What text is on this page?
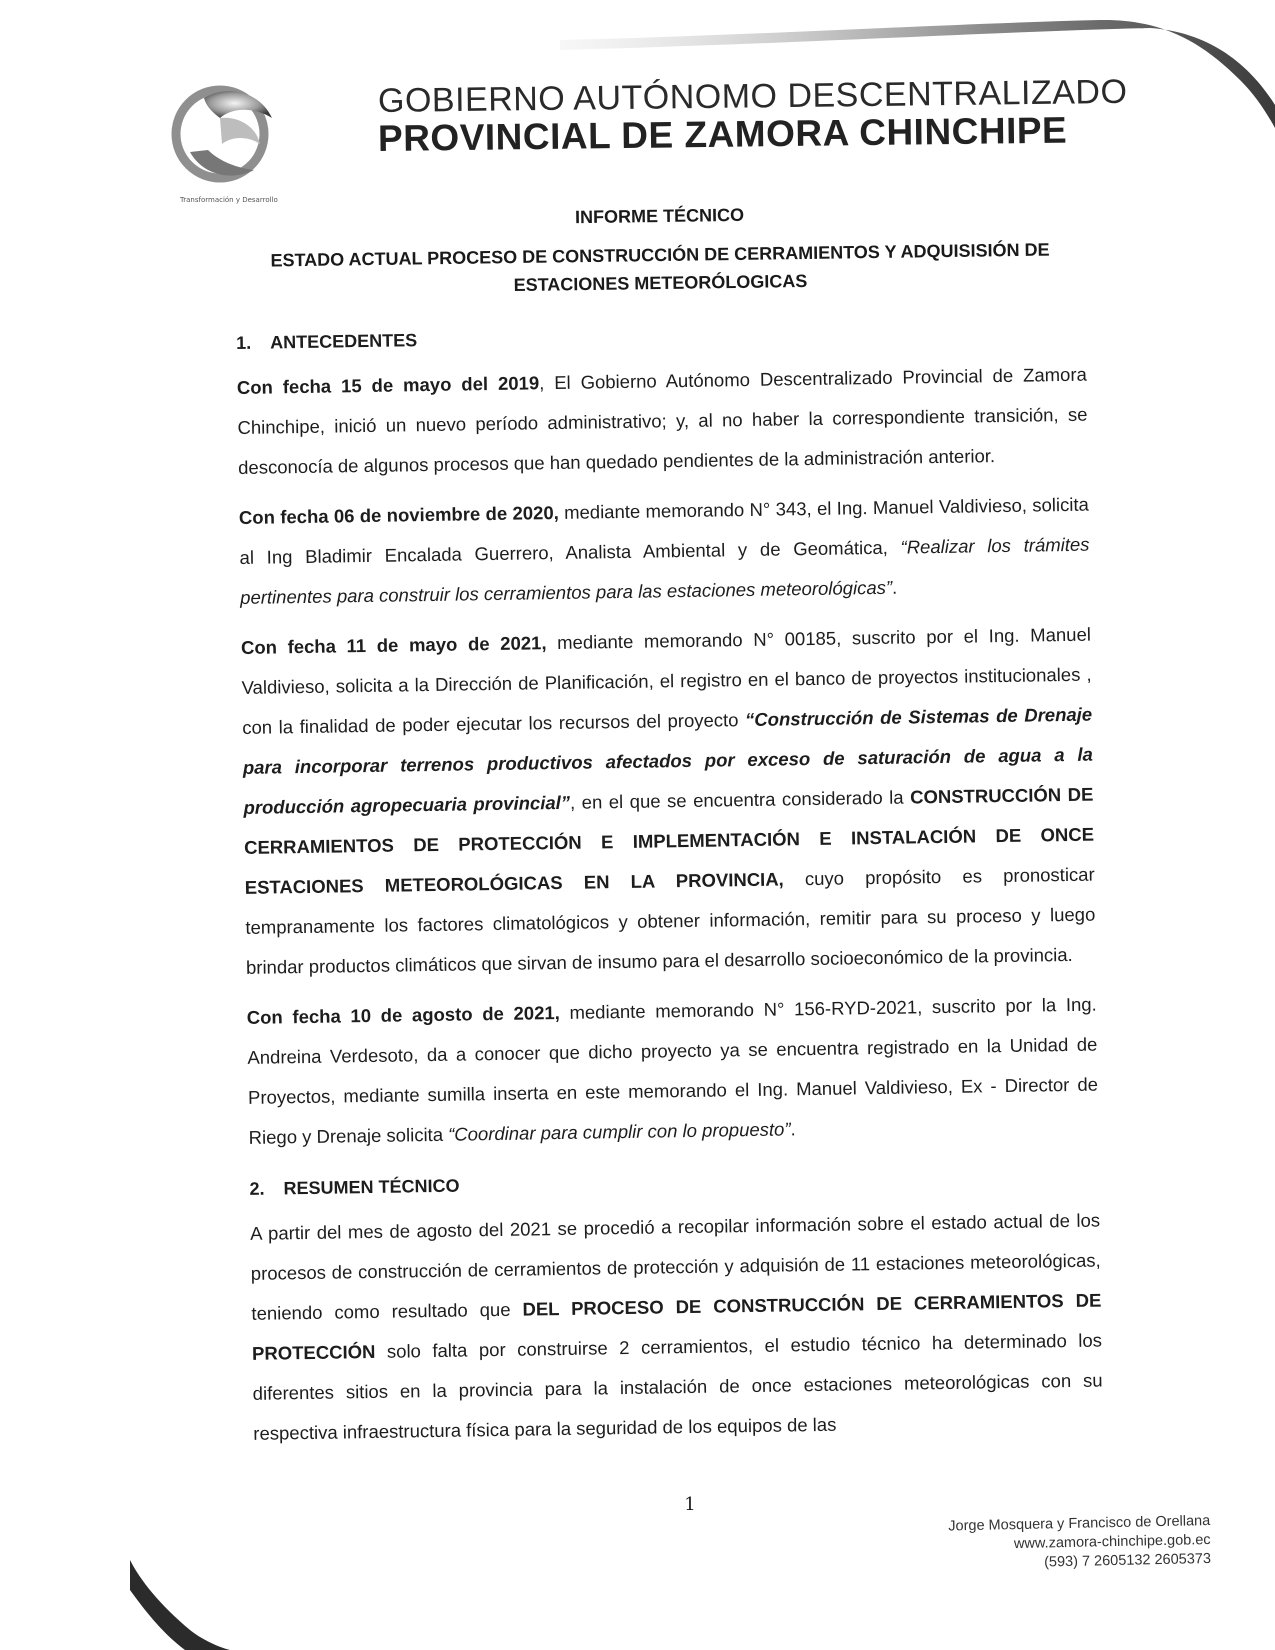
Transformación y Desarrollo
GOBIERNO AUTÓNOMO DESCENTRALIZADO
PROVINCIAL DE ZAMORA CHINCHIPE

INFORME TÉCNICO

ESTADO ACTUAL PROCESO DE CONSTRUCCIÓN DE CERRAMIENTOS Y ADQUISISIÓN DE
ESTACIONES METEORÓLOGICAS

1. ANTECEDENTES

Con fecha 15 de mayo del 2019, El Gobierno Autónomo Descentralizado Provincial de Zamora Chinchipe, inició un nuevo período administrativo; y, al no haber la correspondiente transición, se desconocía de algunos procesos que han quedado pendientes de la administración anterior.

Con fecha 06 de noviembre de 2020, mediante memorando N° 343, el Ing. Manuel Valdivieso, solicita al Ing Bladimir Encalada Guerrero, Analista Ambiental y de Geomática, “Realizar los trámites pertinentes para construir los cerramientos para las estaciones meteorológicas”.

Con fecha 11 de mayo de 2021, mediante memorando N° 00185, suscrito por el Ing. Manuel Valdivieso, solicita a la Dirección de Planificación, el registro en el banco de proyectos institucionales , con la finalidad de poder ejecutar los recursos del proyecto “Construcción de Sistemas de Drenaje para incorporar terrenos productivos afectados por exceso de saturación de agua a la producción agropecuaria provincial”, en el que se encuentra considerado la CONSTRUCCIÓN DE CERRAMIENTOS DE PROTECCIÓN E IMPLEMENTACIÓN E INSTALACIÓN DE ONCE ESTACIONES METEOROLÓGICAS EN LA PROVINCIA, cuyo propósito es pronosticar tempranamente los factores climatológicos y obtener información, remitir para su proceso y luego brindar productos climáticos que sirvan de insumo para el desarrollo socioeconómico de la provincia.

Con fecha 10 de agosto de 2021, mediante memorando N° 156-RYD-2021, suscrito por la Ing. Andreina Verdesoto, da a conocer que dicho proyecto ya se encuentra registrado en la Unidad de Proyectos, mediante sumilla inserta en este memorando el Ing. Manuel Valdivieso, Ex - Director de Riego y Drenaje solicita “Coordinar para cumplir con lo propuesto”.

2. RESUMEN TÉCNICO

A partir del mes de agosto del 2021 se procedió a recopilar información sobre el estado actual de los procesos de construcción de cerramientos de protección y adquisión de 11 estaciones meteorológicas, teniendo como resultado que DEL PROCESO DE CONSTRUCCIÓN DE CERRAMIENTOS DE PROTECCIÓN solo falta por construirse 2 cerramientos, el estudio técnico ha determinado los diferentes sitios en la provincia para la instalación de once estaciones meteorológicas con su respectiva infraestructura física para la seguridad de los equipos de las

1
Jorge Mosquera y Francisco de Orellana
www.zamora-chinchipe.gob.ec
(593) 7 2605132 2605373
